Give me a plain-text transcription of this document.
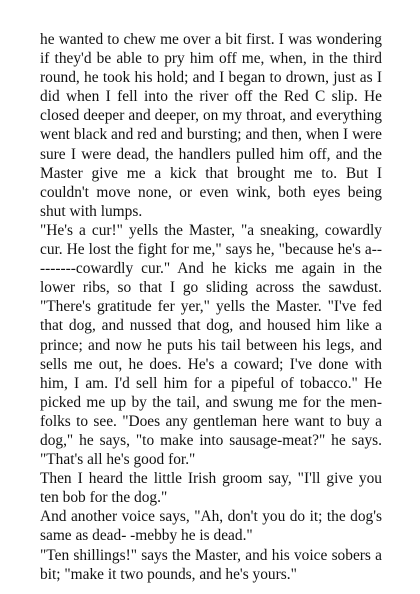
he wanted to chew me over a bit first. I was wondering if they'd be able to pry him off me, when, in the third round, he took his hold; and I began to drown, just as I did when I fell into the river off the Red C slip. He closed deeper and deeper, on my throat, and everything went black and red and bursting; and then, when I were sure I were dead, the handlers pulled him off, and the Master give me a kick that brought me to. But I couldn't move none, or even wink, both eyes being shut with lumps.

"He's a cur!" yells the Master, "a sneaking, cowardly cur. He lost the fight for me," says he, "because he's a---------cowardly cur." And he kicks me again in the lower ribs, so that I go sliding across the sawdust. "There's gratitude fer yer," yells the Master. "I've fed that dog, and nussed that dog, and housed him like a prince; and now he puts his tail between his legs, and sells me out, he does. He's a coward; I've done with him, I am. I'd sell him for a pipeful of tobacco." He picked me up by the tail, and swung me for the men-folks to see. "Does any gentleman here want to buy a dog," he says, "to make into sausage-meat?" he says. "That's all he's good for."

Then I heard the little Irish groom say, "I'll give you ten bob for the dog."

And another voice says, "Ah, don't you do it; the dog's same as dead- -mebby he is dead."

"Ten shillings!" says the Master, and his voice sobers a bit; "make it two pounds, and he's yours."
